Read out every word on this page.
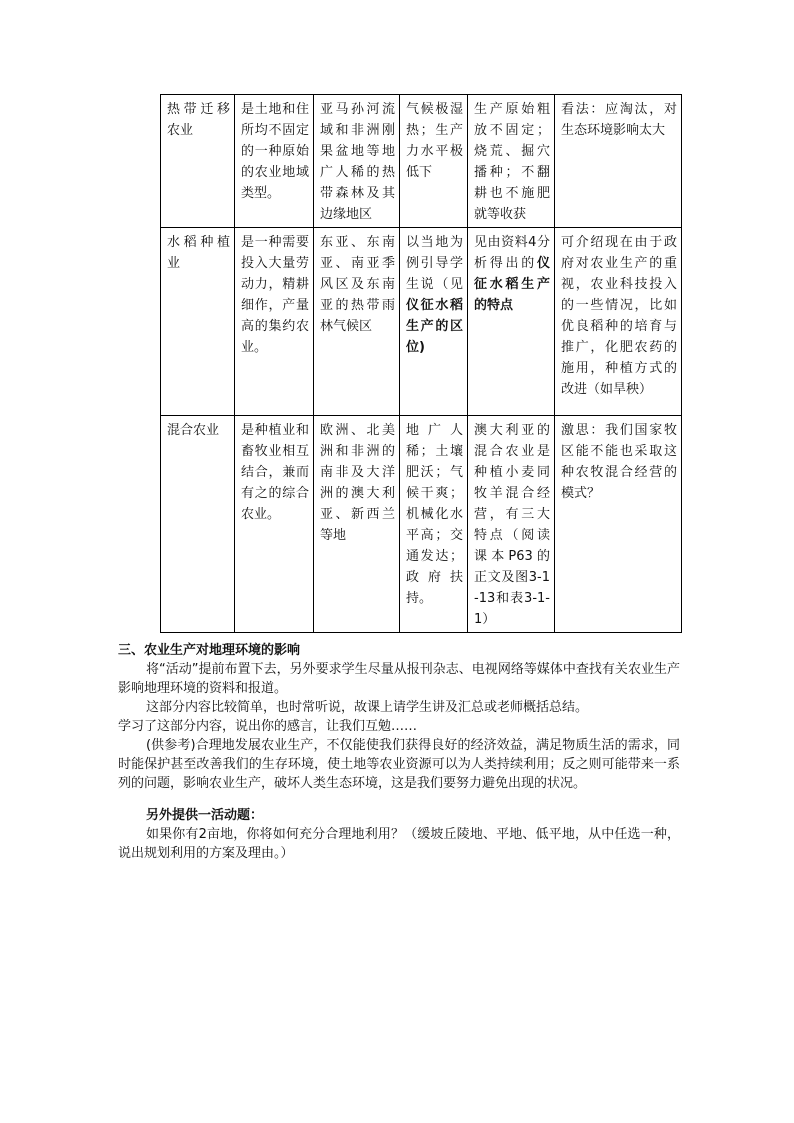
热带迁移农业	是土地和住所均不固定的一种原始的农业地域类型。	亚马孙河流域和非洲刚果盆地等地广人稀的热带森林及其边缘地区	气候极湿热；生产力水平极低下	生产原始粗放不固定；烧荒、掘穴播种；不翻耕也不施肥就等收获	看法：应淘汰，对生态环境影响太大
水稻种植业	是一种需要投入大量劳动力，精耕细作，产量高的集约农业。	东亚、东南亚、南亚季风区及东南亚的热带雨林气候区	以当地为例引导学生说（见仪征水稻生产的区位)	见由资料4分析得出的仪征水稻生产的特点	可介绍现在由于政府对农业生产的重视，农业科技投入的一些情况，比如优良稻种的培育与推广，化肥农药的施用，种植方式的改进（如旱秧）
混合农业	是种植业和畜牧业相互结合，兼而有之的综合农业。	欧洲、北美洲和非洲的南非及大洋洲的澳大利亚、新西兰等地	地广人稀；土壤肥沃；气候干爽；机械化水平高；交通发达；政府扶持。	澳大利亚的混合农业是种植小麦同牧羊混合经营，有三大特点（阅读课本P63的正文及图3-1-13和表3-1-1）	激思：我们国家牧区能不能也采取这种农牧混合经营的模式？
三、农业生产对地理环境的影响
将“活动”提前布置下去，另外要求学生尽量从报刊杂志、电视网络等媒体中查找有关农业生产影响地理环境的资料和报道。
这部分内容比较简单，也时常听说，故课上请学生讲及汇总或老师概括总结。
学习了这部分内容，说出你的感言，让我们互勉……
(供参考)合理地发展农业生产，不仅能使我们获得良好的经济效益，满足物质生活的需求，同时能保护甚至改善我们的生存环境，使土地等农业资源可以为人类持续利用；反之则可能带来一系列的问题，影响农业生产，破坏人类生态环境，这是我们要努力避免出现的状况。
另外提供一活动题：
如果你有2亩地，你将如何充分合理地利用？（缓坡丘陵地、平地、低平地，从中任选一种，说出规划利用的方案及理由。）
